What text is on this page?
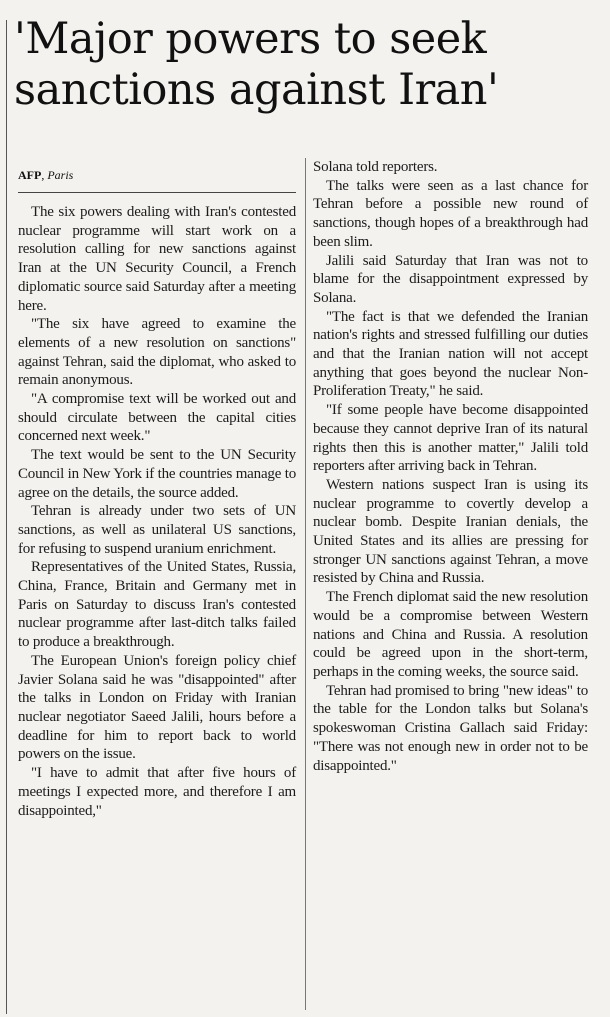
'Major powers to seek
sanctions against Iran'
AFP, Paris

The six powers dealing with Iran's contested nuclear programme will start work on a resolution calling for new sanctions against Iran at the UN Security Council, a French diplomatic source said Saturday after a meeting here.

"The six have agreed to examine the elements of a new resolution on sanctions" against Tehran, said the diplomat, who asked to remain anonymous.

"A compromise text will be worked out and should circulate between the capital cities concerned next week."

The text would be sent to the UN Security Council in New York if the countries manage to agree on the details, the source added.

Tehran is already under two sets of UN sanctions, as well as unilateral US sanctions, for refusing to suspend uranium enrichment.

Representatives of the United States, Russia, China, France, Britain and Germany met in Paris on Saturday to discuss Iran's contested nuclear programme after last-ditch talks failed to produce a breakthrough.

The European Union's foreign policy chief Javier Solana said he was "disappointed" after the talks in London on Friday with Iranian nuclear negotiator Saeed Jalili, hours before a deadline for him to report back to world powers on the issue.

"I have to admit that after five hours of meetings I expected more, and therefore I am disappointed,"

Solana told reporters.

The talks were seen as a last chance for Tehran before a possible new round of sanctions, though hopes of a breakthrough had been slim.

Jalili said Saturday that Iran was not to blame for the disappointment expressed by Solana.

"The fact is that we defended the Iranian nation's rights and stressed fulfilling our duties and that the Iranian nation will not accept anything that goes beyond the nuclear Non-Proliferation Treaty," he said.

"If some people have become disappointed because they cannot deprive Iran of its natural rights then this is another matter," Jalili told reporters after arriving back in Tehran.

Western nations suspect Iran is using its nuclear programme to covertly develop a nuclear bomb. Despite Iranian denials, the United States and its allies are pressing for stronger UN sanctions against Tehran, a move resisted by China and Russia.

The French diplomat said the new resolution would be a compromise between Western nations and China and Russia. A resolution could be agreed upon in the short-term, perhaps in the coming weeks, the source said.

Tehran had promised to bring "new ideas" to the table for the London talks but Solana's spokeswoman Cristina Gallach said Friday: "There was not enough new in order not to be disappointed."
